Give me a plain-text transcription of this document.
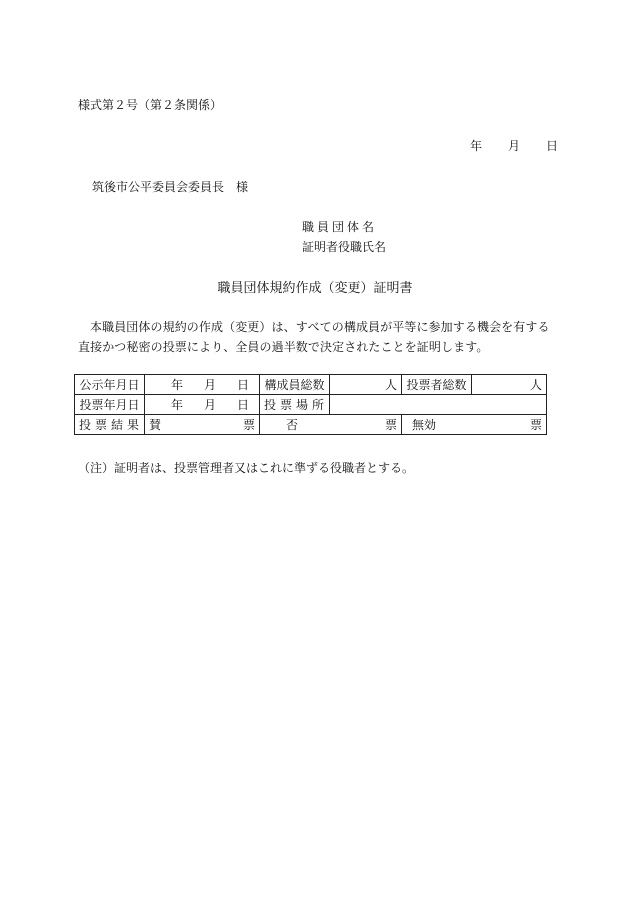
様式第２号（第２条関係）
年 月 日
筑後市公平委員会委員長　様
職員団体名
証明者役職氏名
職員団体規約作成（変更）証明書
本職員団体の規約の作成（変更）は、すべての構成員が平等に参加する機会を有する直接かつ秘密の投票により、全員の過半数で決定されたことを証明します。
公示年月日	年 月 日	構成員総数	人	投票者総数	人
投票年月日	年 月 日	投票場所			
投票結果	賛 票	否 票		無効 票	
（注）証明者は、投票管理者又はこれに準ずる役職者とする。
